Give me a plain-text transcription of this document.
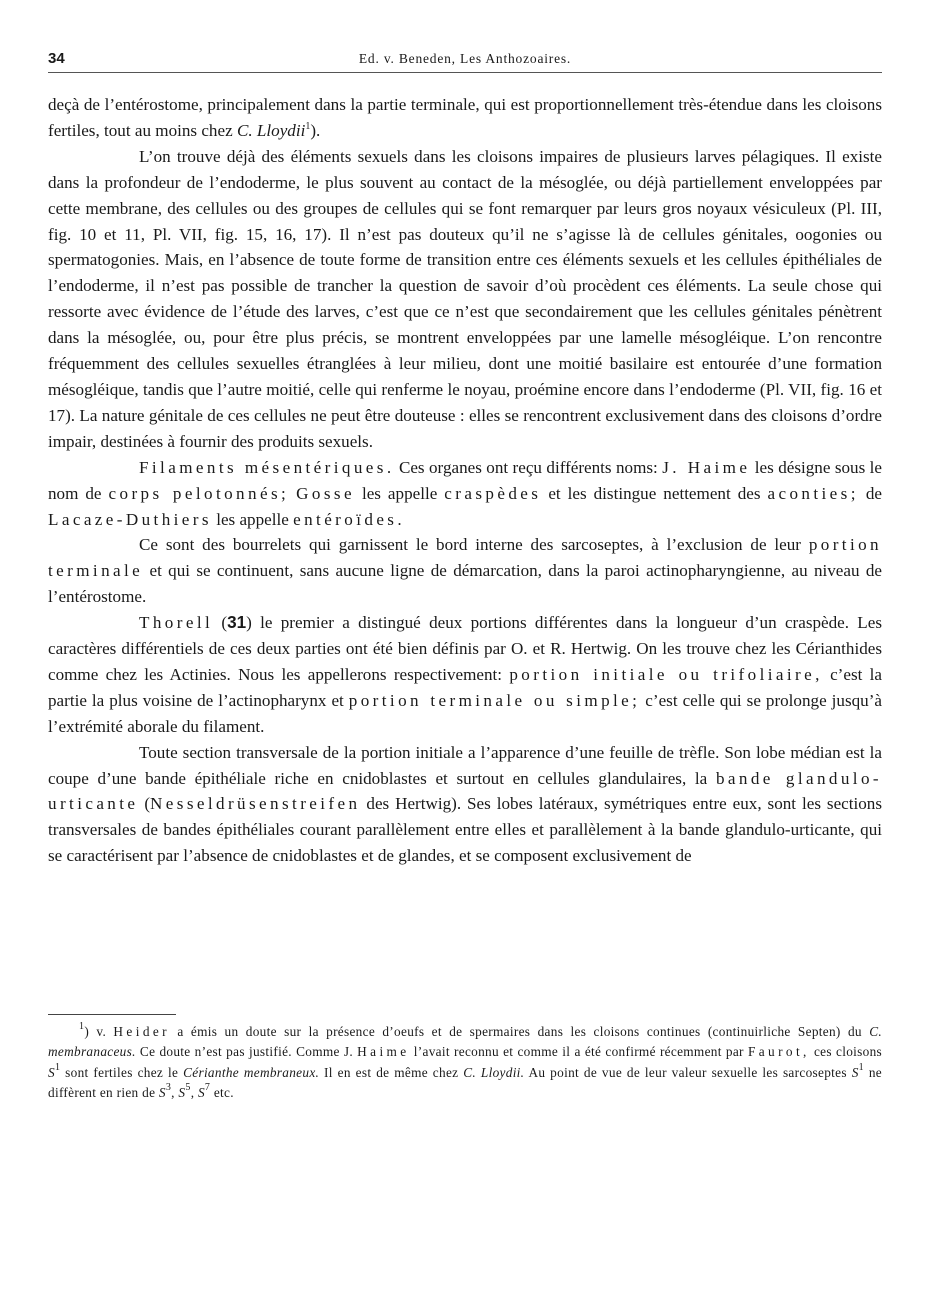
34	Ed. v. Beneden, Les Anthozoaires.

deçà de l’entérostome, principalement dans la partie terminale, qui est proportionnellement très-étendue dans les cloisons fertiles, tout au moins chez C. Lloydii$^1$).

L’on trouve déjà des éléments sexuels dans les cloisons impaires de plusieurs larves pélagiques. Il existe dans la profondeur de l’endoderme, le plus souvent au contact de la mésoglée, ou déjà partiellement enveloppées par cette membrane, des cellules ou des groupes de cellules qui se font remarquer par leurs gros noyaux vésiculeux (Pl. III, fig. 10 et 11, Pl. VII, fig. 15, 16, 17). Il n’est pas douteux qu’il ne s’agisse là de cellules génitales, oogonies ou spermatogonies. Mais, en l’absence de toute forme de transition entre ces éléments sexuels et les cellules épithéliales de l’endoderme, il n’est pas possible de trancher la question de savoir d’où procèdent ces éléments. La seule chose qui ressorte avec évidence de l’étude des larves, c’est que ce n’est que secondairement que les cellules génitales pénètrent dans la mésoglée, ou, pour être plus précis, se montrent enveloppées par une lamelle mésogléique. L’on rencontre fréquemment des cellules sexuelles étranglées à leur milieu, dont une moitié basilaire est entourée d’une formation mésogléique, tandis que l’autre moitié, celle qui renferme le noyau, proémine encore dans l’endoderme (Pl. VII, fig. 16 et 17). La nature génitale de ces cellules ne peut être douteuse : elles se rencontrent exclusivement dans des cloisons d’ordre impair, destinées à fournir des produits sexuels.

Filaments mésentériques. Ces organes ont reçu différents noms: J. Haime les désigne sous le nom de corps pelotonnés; Gosse les appelle craspèdes et les distingue nettement des aconties; de Lacaze-Duthiers les appelle entéroïdes.

Ce sont des bourrelets qui garnissent le bord interne des sarcoseptes, à l’exclusion de leur portion terminale et qui se continuent, sans aucune ligne de démarcation, dans la paroi actinopharyngienne, au niveau de l’entérostome.

Thorell (31) le premier a distingué deux portions différentes dans la longueur d’un craspède. Les caractères différentiels de ces deux parties ont été bien définis par O. et R. Hertwig. On les trouve chez les Cérianthides comme chez les Actinies. Nous les appellerons respectivement: portion initiale ou trifoliaire, c’est la partie la plus voisine de l’actinopharynx et portion terminale ou simple; c’est celle qui se prolonge jusqu’à l’extrémité aborale du filament.

Toute section transversale de la portion initiale a l’apparence d’une feuille de trèfle. Son lobe médian est la coupe d’une bande épithéliale riche en cnidoblastes et surtout en cellules glandulaires, la bande glandulo-urticante (Nesseldrüsenstreifen des Hertwig). Ses lobes latéraux, symétriques entre eux, sont les sections transversales de bandes épithéliales courant parallèlement entre elles et parallèlement à la bande glandulo-urticante, qui se caractérisent par l’absence de cnidoblastes et de glandes, et se composent exclusivement de

$^1$) v. Heider a émis un doute sur la présence d’oeufs et de spermaires dans les cloisons continues (continuirliche Septen) du C. membranaceus. Ce doute n’est pas justifié. Comme J. Haime l’avait reconnu et comme il a été confirmé récemment par Faurot, ces cloisons $S^1$ sont fertiles chez le Cérianthe membraneux. Il en est de même chez C. Lloydii. Au point de vue de leur valeur sexuelle les sarcoseptes $S^1$ ne diffèrent en rien de $S^3$, $S^5$, $S^7$ etc.
